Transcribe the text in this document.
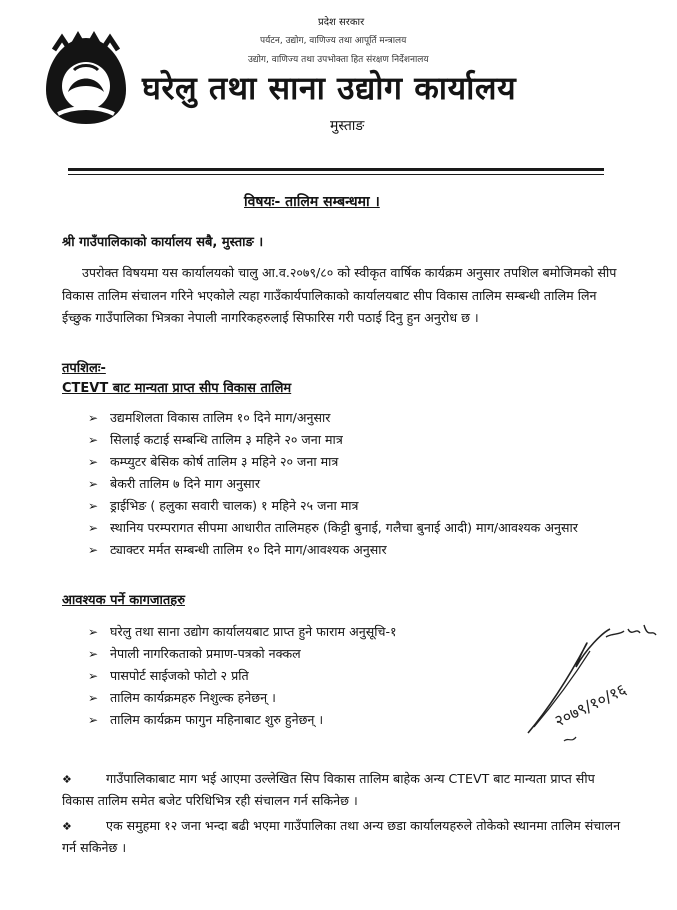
प्रदेश सरकार
पर्यटन, उद्योग, वाणिज्य तथा आपूर्ति मन्त्रालय
उद्योग, वाणिज्य तथा उपभोक्ता हित संरक्षण निर्देशनालय
घरेलु तथा साना उद्योग कार्यालय
मुस्ताङ
विषयः- तालिम सम्बन्धमा ।
श्री गाउँपालिकाको कार्यालय सबै, मुस्ताङ ।

उपरोक्त विषयमा यस कार्यालयको चालु आ.व.२०७९/८० को स्वीकृत वार्षिक कार्यक्रम अनुसार तपशिल बमोजिमको सीप विकास तालिम संचालन गरिने भएकोले त्यहा गाउँकार्यपालिकाको कार्यालयबाट सीप विकास तालिम सम्बन्धी तालिम लिन ईच्छुक गाउँपालिका भित्रका नेपाली नागरिकहरुलाई सिफारिस गरी पठाई दिनु हुन अनुरोध छ ।

तपशिलः-
CTEVT बाट मान्यता प्राप्त सीप विकास तालिम
➢ उद्यमशिलता विकास तालिम १० दिने माग/अनुसार
➢ सिलाई कटाई सम्बन्धि तालिम ३ महिने २० जना मात्र
➢ कम्प्युटर बेसिक कोर्ष तालिम ३ महिने २० जना मात्र
➢ बेकरी तालिम ७ दिने माग अनुसार
➢ ड्राईभिङ ( हलुका सवारी चालक) १ महिने २५ जना मात्र
➢ स्थानिय परम्परागत सीपमा आधारीत तालिमहरु (किट्टी बुनाई, गलैचा बुनाई आदी) माग/आवश्यक अनुसार
➢ ट्याक्टर मर्मत सम्बन्धी तालिम १० दिने माग/आवश्यक अनुसार
आवश्यक पर्ने कागजातहरु
➢ घरेलु तथा साना उद्योग कार्यालयबाट प्राप्त हुने फाराम अनुसूचि-१
➢ नेपाली नागरिकताको प्रमाण-पत्रको नक्कल
➢ पासपोर्ट साईजको फोटो २ प्रति
➢ तालिम कार्यक्रमहरु निशुल्क हनेछन् ।
➢ तालिम कार्यक्रम फागुन महिनाबाट शुरु हुनेछन् ।	२०७९/१०/१६

❖	गाउँपालिकाबाट माग भई आएमा उल्लेखित सिप विकास तालिम बाहेक अन्य CTEVT बाट मान्यता प्राप्त सीप विकास तालिम समेत बजेट परिधिभित्र रही संचालन गर्न सकिनेछ ।

❖	एक समुहमा १२ जना भन्दा बढी भएमा गाउँपालिका तथा अन्य छडा कार्यालयहरुले तोकेको स्थानमा तालिम संचालन गर्न सकिनेछ ।
